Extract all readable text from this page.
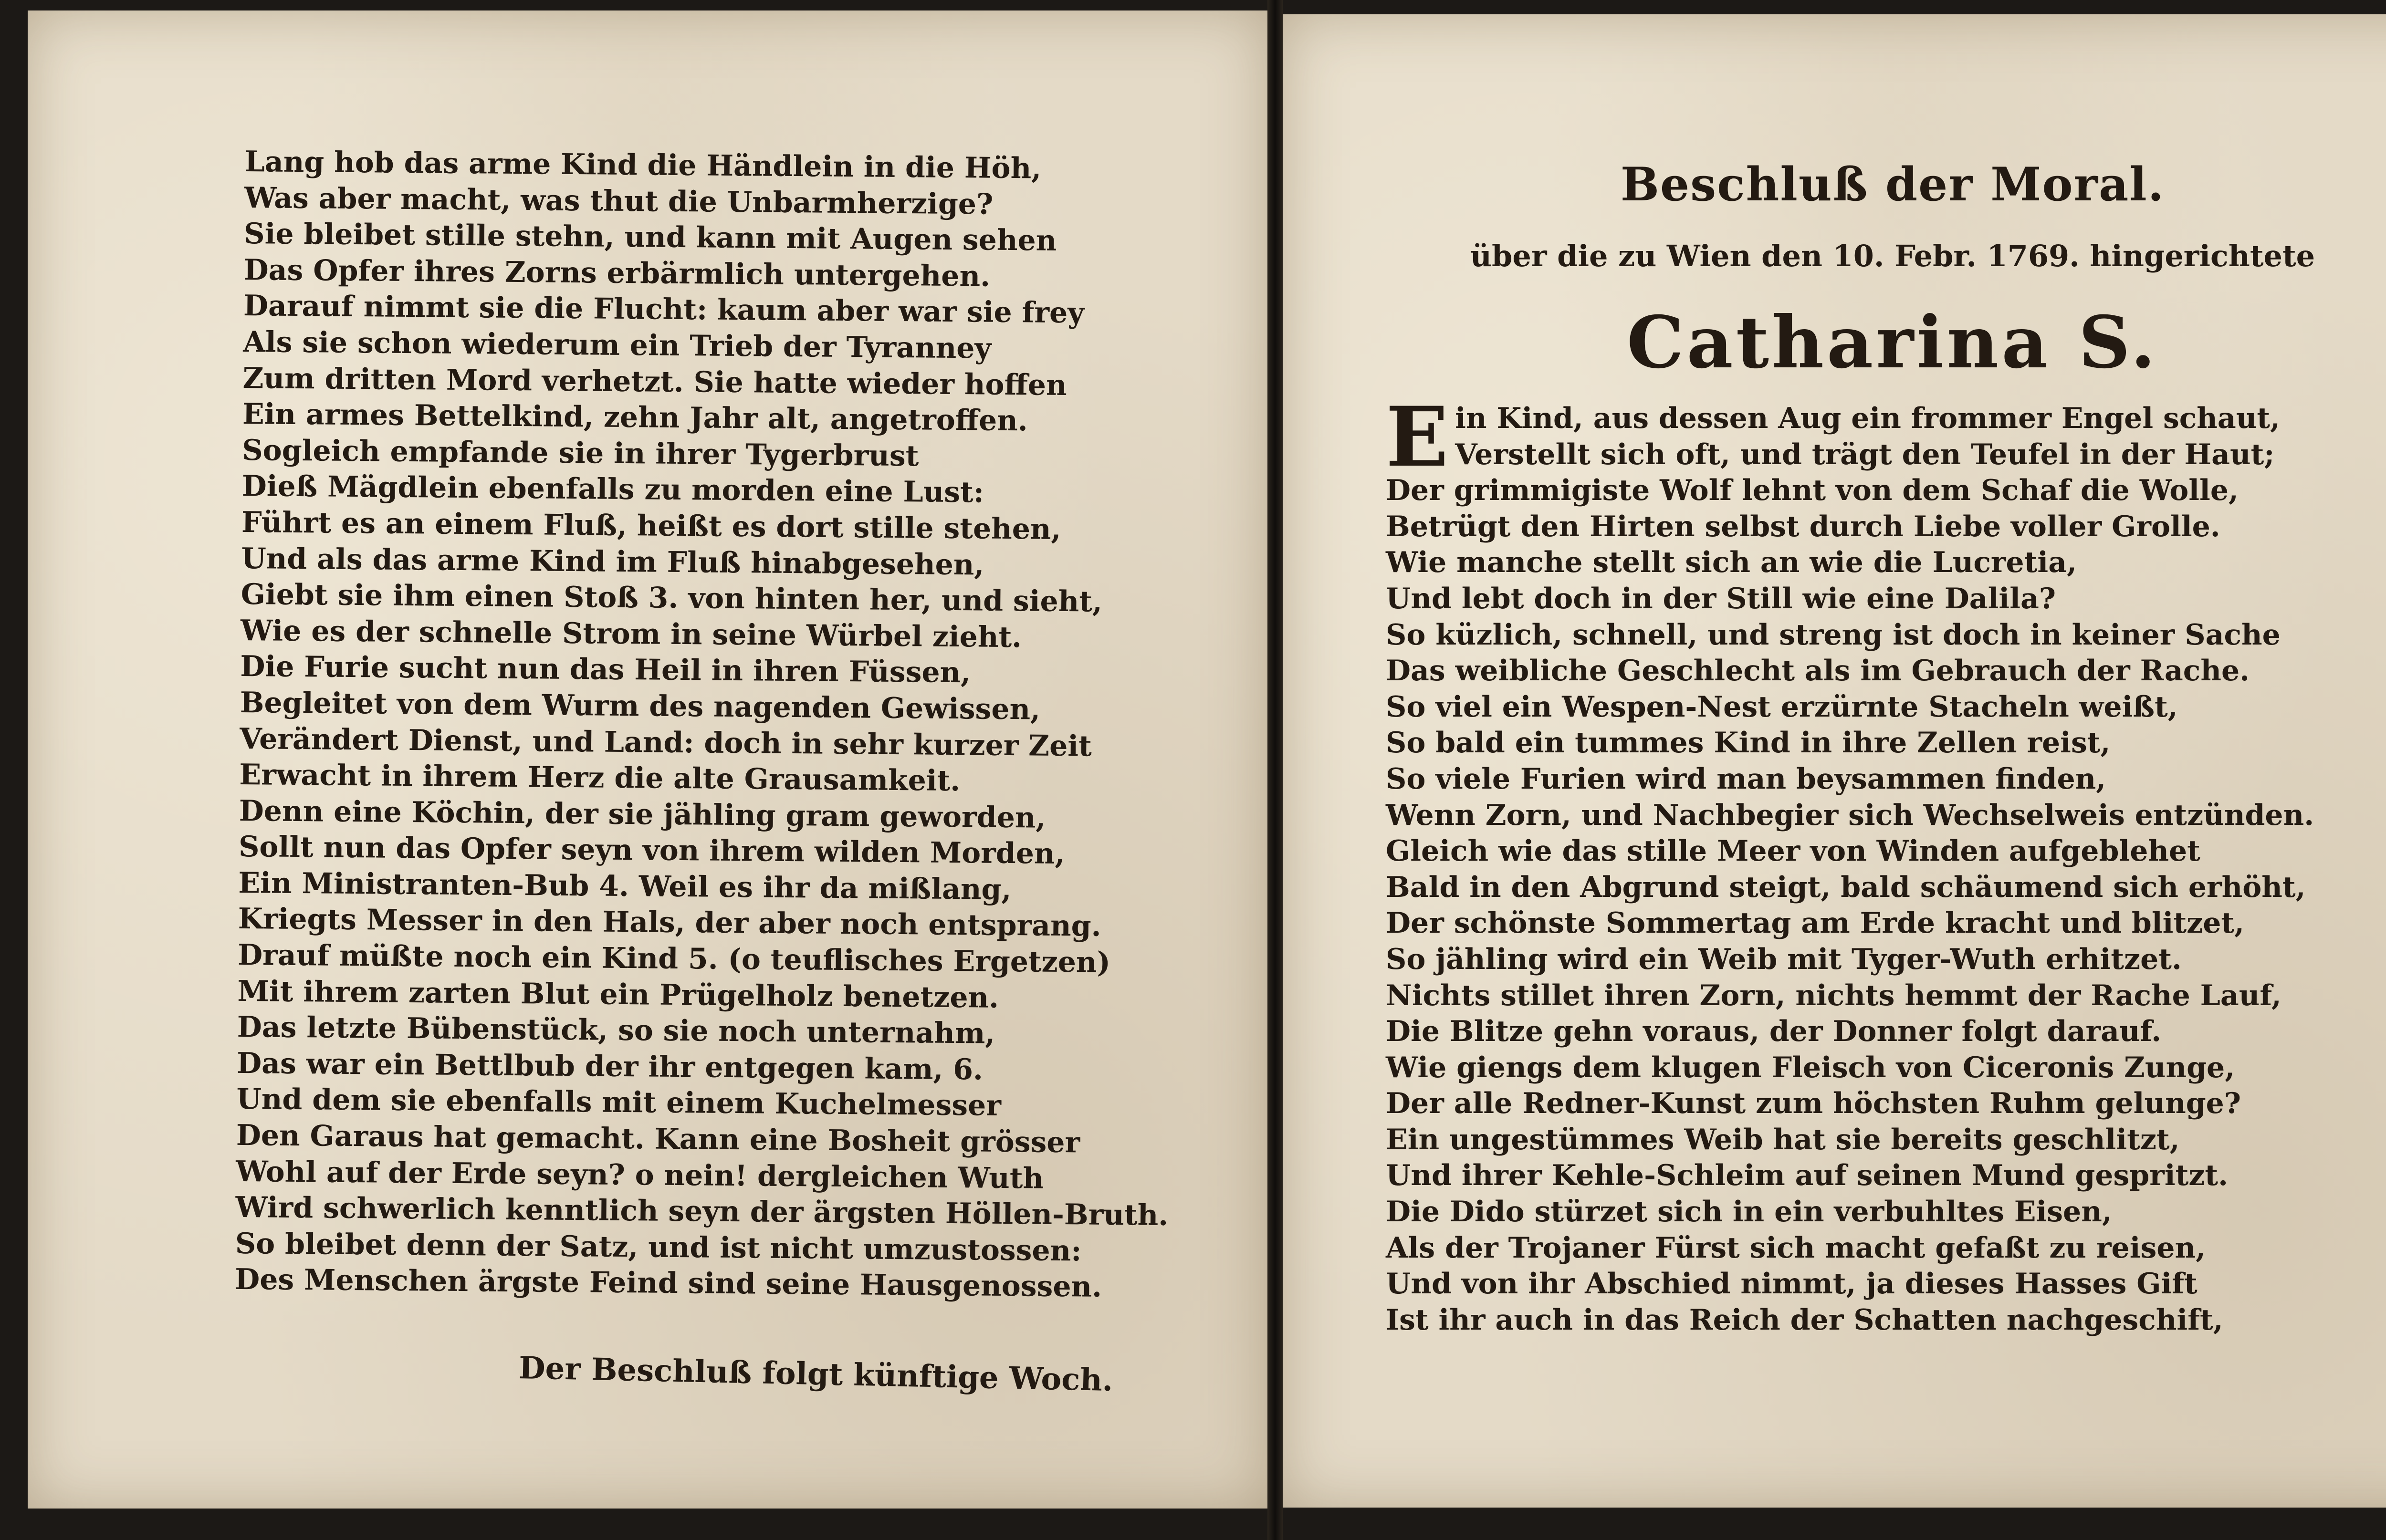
Lang hob das arme Kind die Händlein in die Höh,
Was aber macht, was thut die Unbarmherzige?
Sie bleibet stille stehn, und kann mit Augen sehen
Das Opfer ihres Zorns erbärmlich untergehen.
Darauf nimmt sie die Flucht: kaum aber war sie frey
Als sie schon wiederum ein Trieb der Tyranney
Zum dritten Mord verhetzt. Sie hatte wieder hoffen
Ein armes Bettelkind, zehn Jahr alt, angetroffen.
Sogleich empfande sie in ihrer Tygerbrust
Dieß Mägdlein ebenfalls zu morden eine Lust:
Führt es an einem Fluß, heißt es dort stille stehen,
Und als das arme Kind im Fluß hinabgesehen,
Giebt sie ihm einen Stoß 3. von hinten her, und sieht,
Wie es der schnelle Strom in seine Würbel zieht.
Die Furie sucht nun das Heil in ihren Füssen,
Begleitet von dem Wurm des nagenden Gewissen,
Verändert Dienst, und Land: doch in sehr kurzer Zeit
Erwacht in ihrem Herz die alte Grausamkeit.
Denn eine Köchin, der sie jähling gram geworden,
Sollt nun das Opfer seyn von ihrem wilden Morden,
Ein Ministranten-Bub 4. Weil es ihr da mißlang,
Kriegts Messer in den Hals, der aber noch entsprang.
Drauf müßte noch ein Kind 5. (o teuflisches Ergetzen)
Mit ihrem zarten Blut ein Prügelholz benetzen.
Das letzte Bübenstück, so sie noch unternahm,
Das war ein Bettlbub der ihr entgegen kam, 6.
Und dem sie ebenfalls mit einem Kuchelmesser
Den Garaus hat gemacht. Kann eine Bosheit grösser
Wohl auf der Erde seyn? o nein! dergleichen Wuth
Wird schwerlich kenntlich seyn der ärgsten Höllen-Bruth.
So bleibet denn der Satz, und ist nicht umzustossen:
Des Menschen ärgste Feind sind seine Hausgenossen.
Der Beschluß folgt künftige Woch.
Beschluß der Moral.
über die zu Wien den 10. Febr. 1769. hingerichtete
Catharina S.
E in Kind, aus dessen Aug ein frommer Engel schaut,
Verstellt sich oft, und trägt den Teufel in der Haut;
Der grimmigiste Wolf lehnt von dem Schaf die Wolle,
Betrügt den Hirten selbst durch Liebe voller Grolle.
Wie manche stellt sich an wie die Lucretia,
Und lebt doch in der Still wie eine Dalila?
So küzlich, schnell, und streng ist doch in keiner Sache
Das weibliche Geschlecht als im Gebrauch der Rache.
So viel ein Wespen-Nest erzürnte Stacheln weißt,
So bald ein tummes Kind in ihre Zellen reist,
So viele Furien wird man beysammen finden,
Wenn Zorn, und Nachbegier sich Wechselweis entzünden.
Gleich wie das stille Meer von Winden aufgeblehet
Bald in den Abgrund steigt, bald schäumend sich erhöht,
Der schönste Sommertag am Erde kracht und blitzet,
So jähling wird ein Weib mit Tyger-Wuth erhitzet.
Nichts stillet ihren Zorn, nichts hemmt der Rache Lauf,
Die Blitze gehn voraus, der Donner folgt darauf.
Wie giengs dem klugen Fleisch von Ciceronis Zunge,
Der alle Redner-Kunst zum höchsten Ruhm gelunge?
Ein ungestümmes Weib hat sie bereits geschlitzt,
Und ihrer Kehle-Schleim auf seinen Mund gespritzt.
Die Dido stürzet sich in ein verbuhltes Eisen,
Als der Trojaner Fürst sich macht gefaßt zu reisen,
Und von ihr Abschied nimmt, ja dieses Hasses Gift
Ist ihr auch in das Reich der Schatten nachgeschift,
